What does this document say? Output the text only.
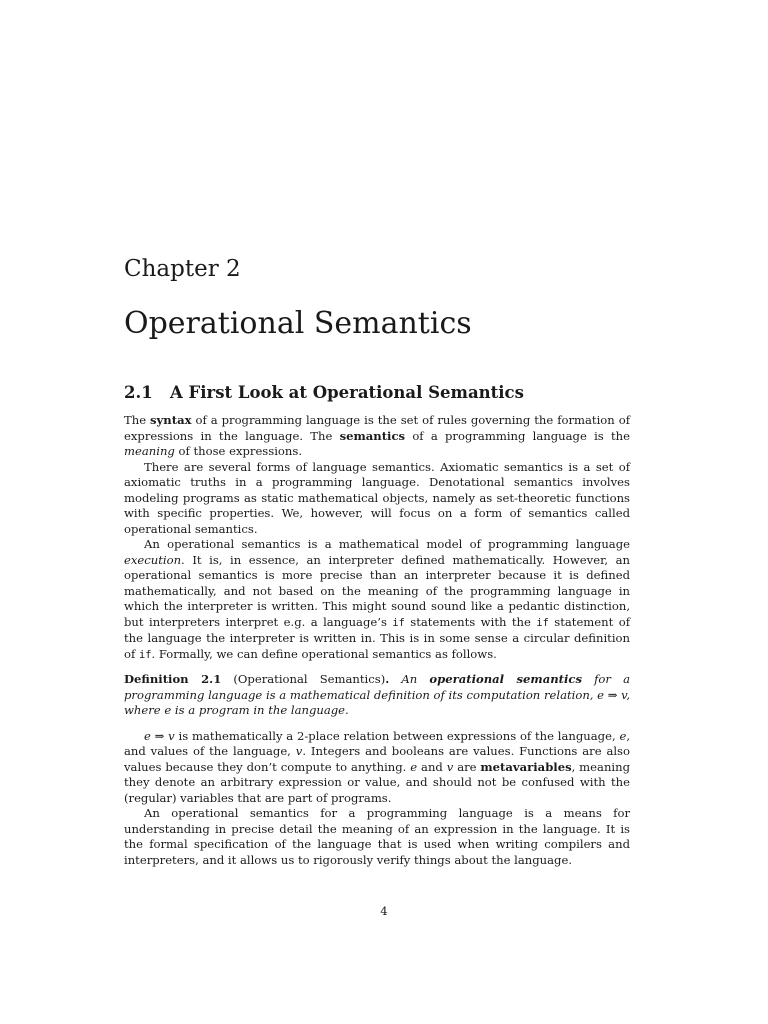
Chapter 2
Operational Semantics
2.1 A First Look at Operational Semantics

The syntax of a programming language is the set of rules governing the formation of expressions in the language. The semantics of a programming language is the meaning of those expressions.

There are several forms of language semantics. Axiomatic semantics is a set of axiomatic truths in a programming language. Denotational semantics involves modeling programs as static mathematical objects, namely as set-theoretic functions with specific properties. We, however, will focus on a form of semantics called operational semantics.

An operational semantics is a mathematical model of programming language execution. It is, in essence, an interpreter defined mathematically. However, an operational semantics is more precise than an interpreter because it is defined mathematically, and not based on the meaning of the programming language in which the interpreter is written. This might sound sound like a pedantic distinction, but interpreters interpret e.g. a language’s if statements with the if statement of the language the interpreter is written in. This is in some sense a circular definition of if. Formally, we can define operational semantics as follows.

Definition 2.1 (Operational Semantics). An operational semantics for a programming language is a mathematical definition of its computation relation, e ⇒ v, where e is a program in the language.

e ⇒ v is mathematically a 2-place relation between expressions of the language, e, and values of the language, v. Integers and booleans are values. Functions are also values because they don’t compute to anything. e and v are metavariables, meaning they denote an arbitrary expression or value, and should not be confused with the (regular) variables that are part of programs.

An operational semantics for a programming language is a means for understanding in precise detail the meaning of an expression in the language. It is the formal specification of the language that is used when writing compilers and interpreters, and it allows us to rigorously verify things about the language.

4
